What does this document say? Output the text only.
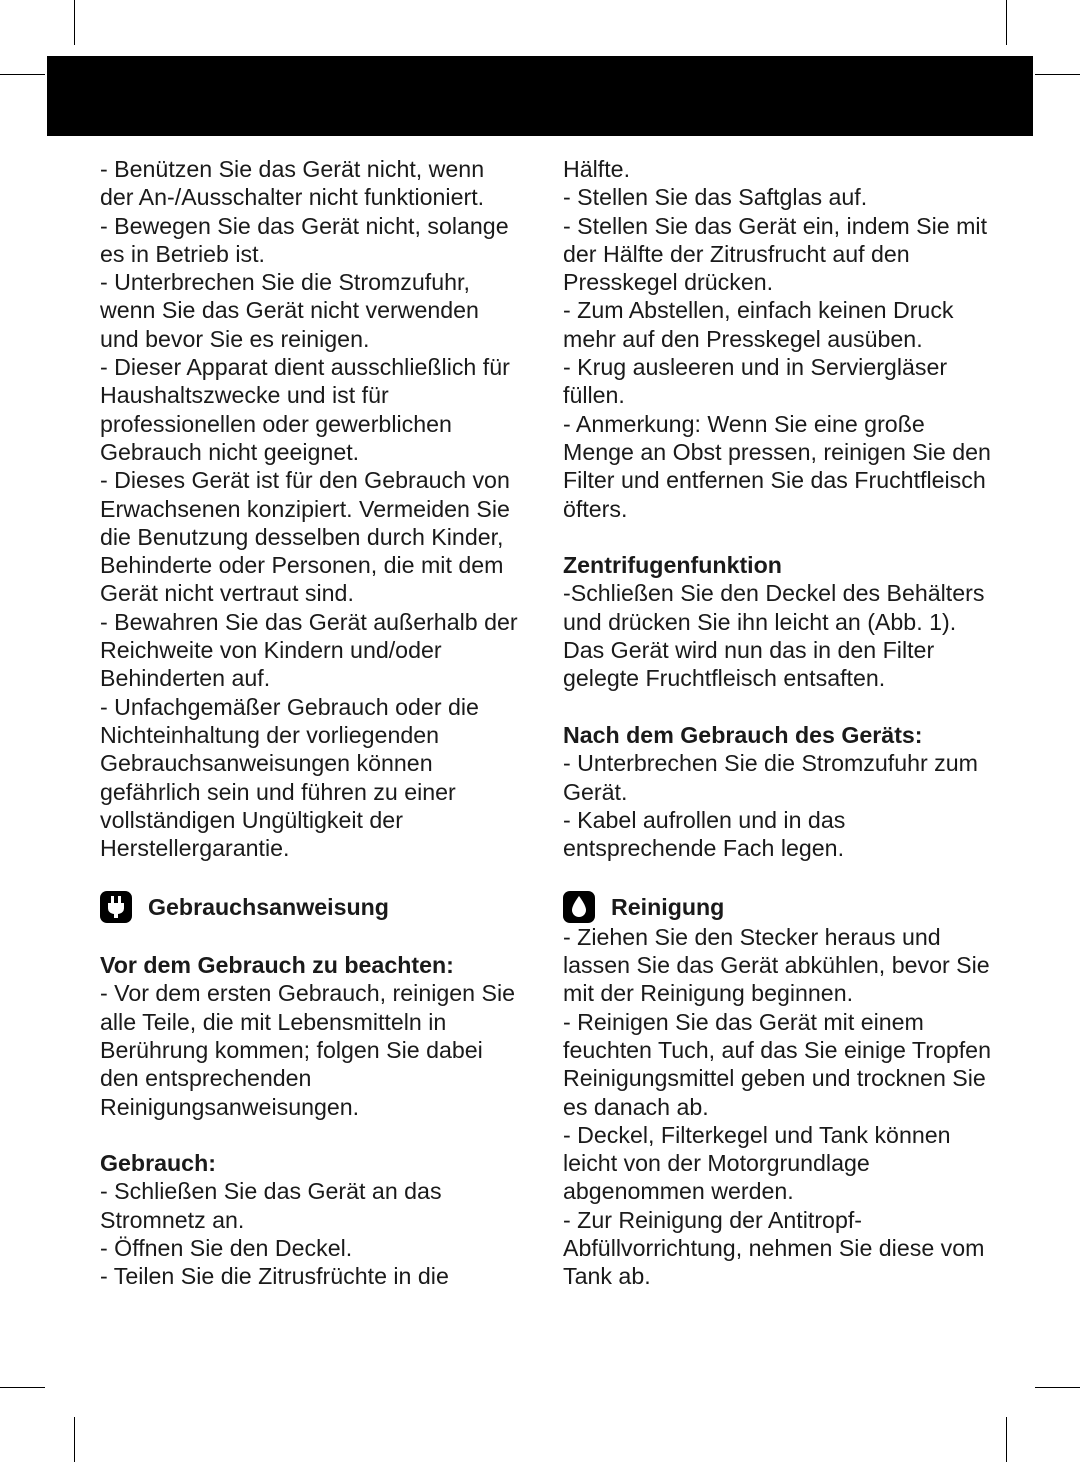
- Benützen Sie das Gerät nicht, wenn der An-/Ausschalter nicht funktioniert.

- Bewegen Sie das Gerät nicht, solange es in Betrieb ist.

- Unterbrechen Sie die Stromzufuhr, wenn Sie das Gerät nicht verwenden und bevor Sie es reinigen.

- Dieser Apparat dient ausschließlich für Haushaltszwecke und ist für professionellen oder gewerblichen Gebrauch nicht geeignet.

- Dieses Gerät ist für den Gebrauch von Erwachsenen konzipiert. Vermeiden Sie die Benutzung desselben durch Kinder, Behinderte oder Personen, die mit dem Gerät nicht vertraut sind.

- Bewahren Sie das Gerät außerhalb der Reichweite von Kindern und/oder Behinderten auf.

- Unfachgemäßer Gebrauch oder die Nichteinhaltung der vorliegenden Gebrauchsanweisungen können gefährlich sein und führen zu einer vollständigen Ungültigkeit der Herstellergarantie.

Gebrauchsanweisung

Vor dem Gebrauch zu beachten:

- Vor dem ersten Gebrauch, reinigen Sie alle Teile, die mit Lebensmitteln in Berührung kommen; folgen Sie dabei den entsprechenden Reinigungsanweisungen.

Gebrauch:

- Schließen Sie das Gerät an das Stromnetz an.

- Öffnen Sie den Deckel.

- Teilen Sie die Zitrusfrüchte in die

Hälfte.

- Stellen Sie das Saftglas auf.

- Stellen Sie das Gerät ein, indem Sie mit der Hälfte der Zitrusfrucht auf den Presskegel drücken.

- Zum Abstellen, einfach keinen Druck mehr auf den Presskegel ausüben.

- Krug ausleeren und in Serviergläser füllen.

- Anmerkung: Wenn Sie eine große Menge an Obst pressen, reinigen Sie den Filter und entfernen Sie das Fruchtfleisch öfters.

Zentrifugenfunktion

-Schließen Sie den Deckel des Behälters und drücken Sie ihn leicht an (Abb. 1). Das Gerät wird nun das in den Filter gelegte Fruchtfleisch entsaften.

Nach dem Gebrauch des Geräts:

- Unterbrechen Sie die Stromzufuhr zum Gerät.

- Kabel aufrollen und in das entsprechende Fach legen.

Reinigung

- Ziehen Sie den Stecker heraus und lassen Sie das Gerät abkühlen, bevor Sie mit der Reinigung beginnen.

- Reinigen Sie das Gerät mit einem feuchten Tuch, auf das Sie einige Tropfen Reinigungsmittel geben und trocknen Sie es danach ab.

- Deckel, Filterkegel und Tank können leicht von der Motorgrundlage abgenommen werden.

- Zur Reinigung der Antitropf-Abfüllvorrichtung, nehmen Sie diese vom Tank ab.
